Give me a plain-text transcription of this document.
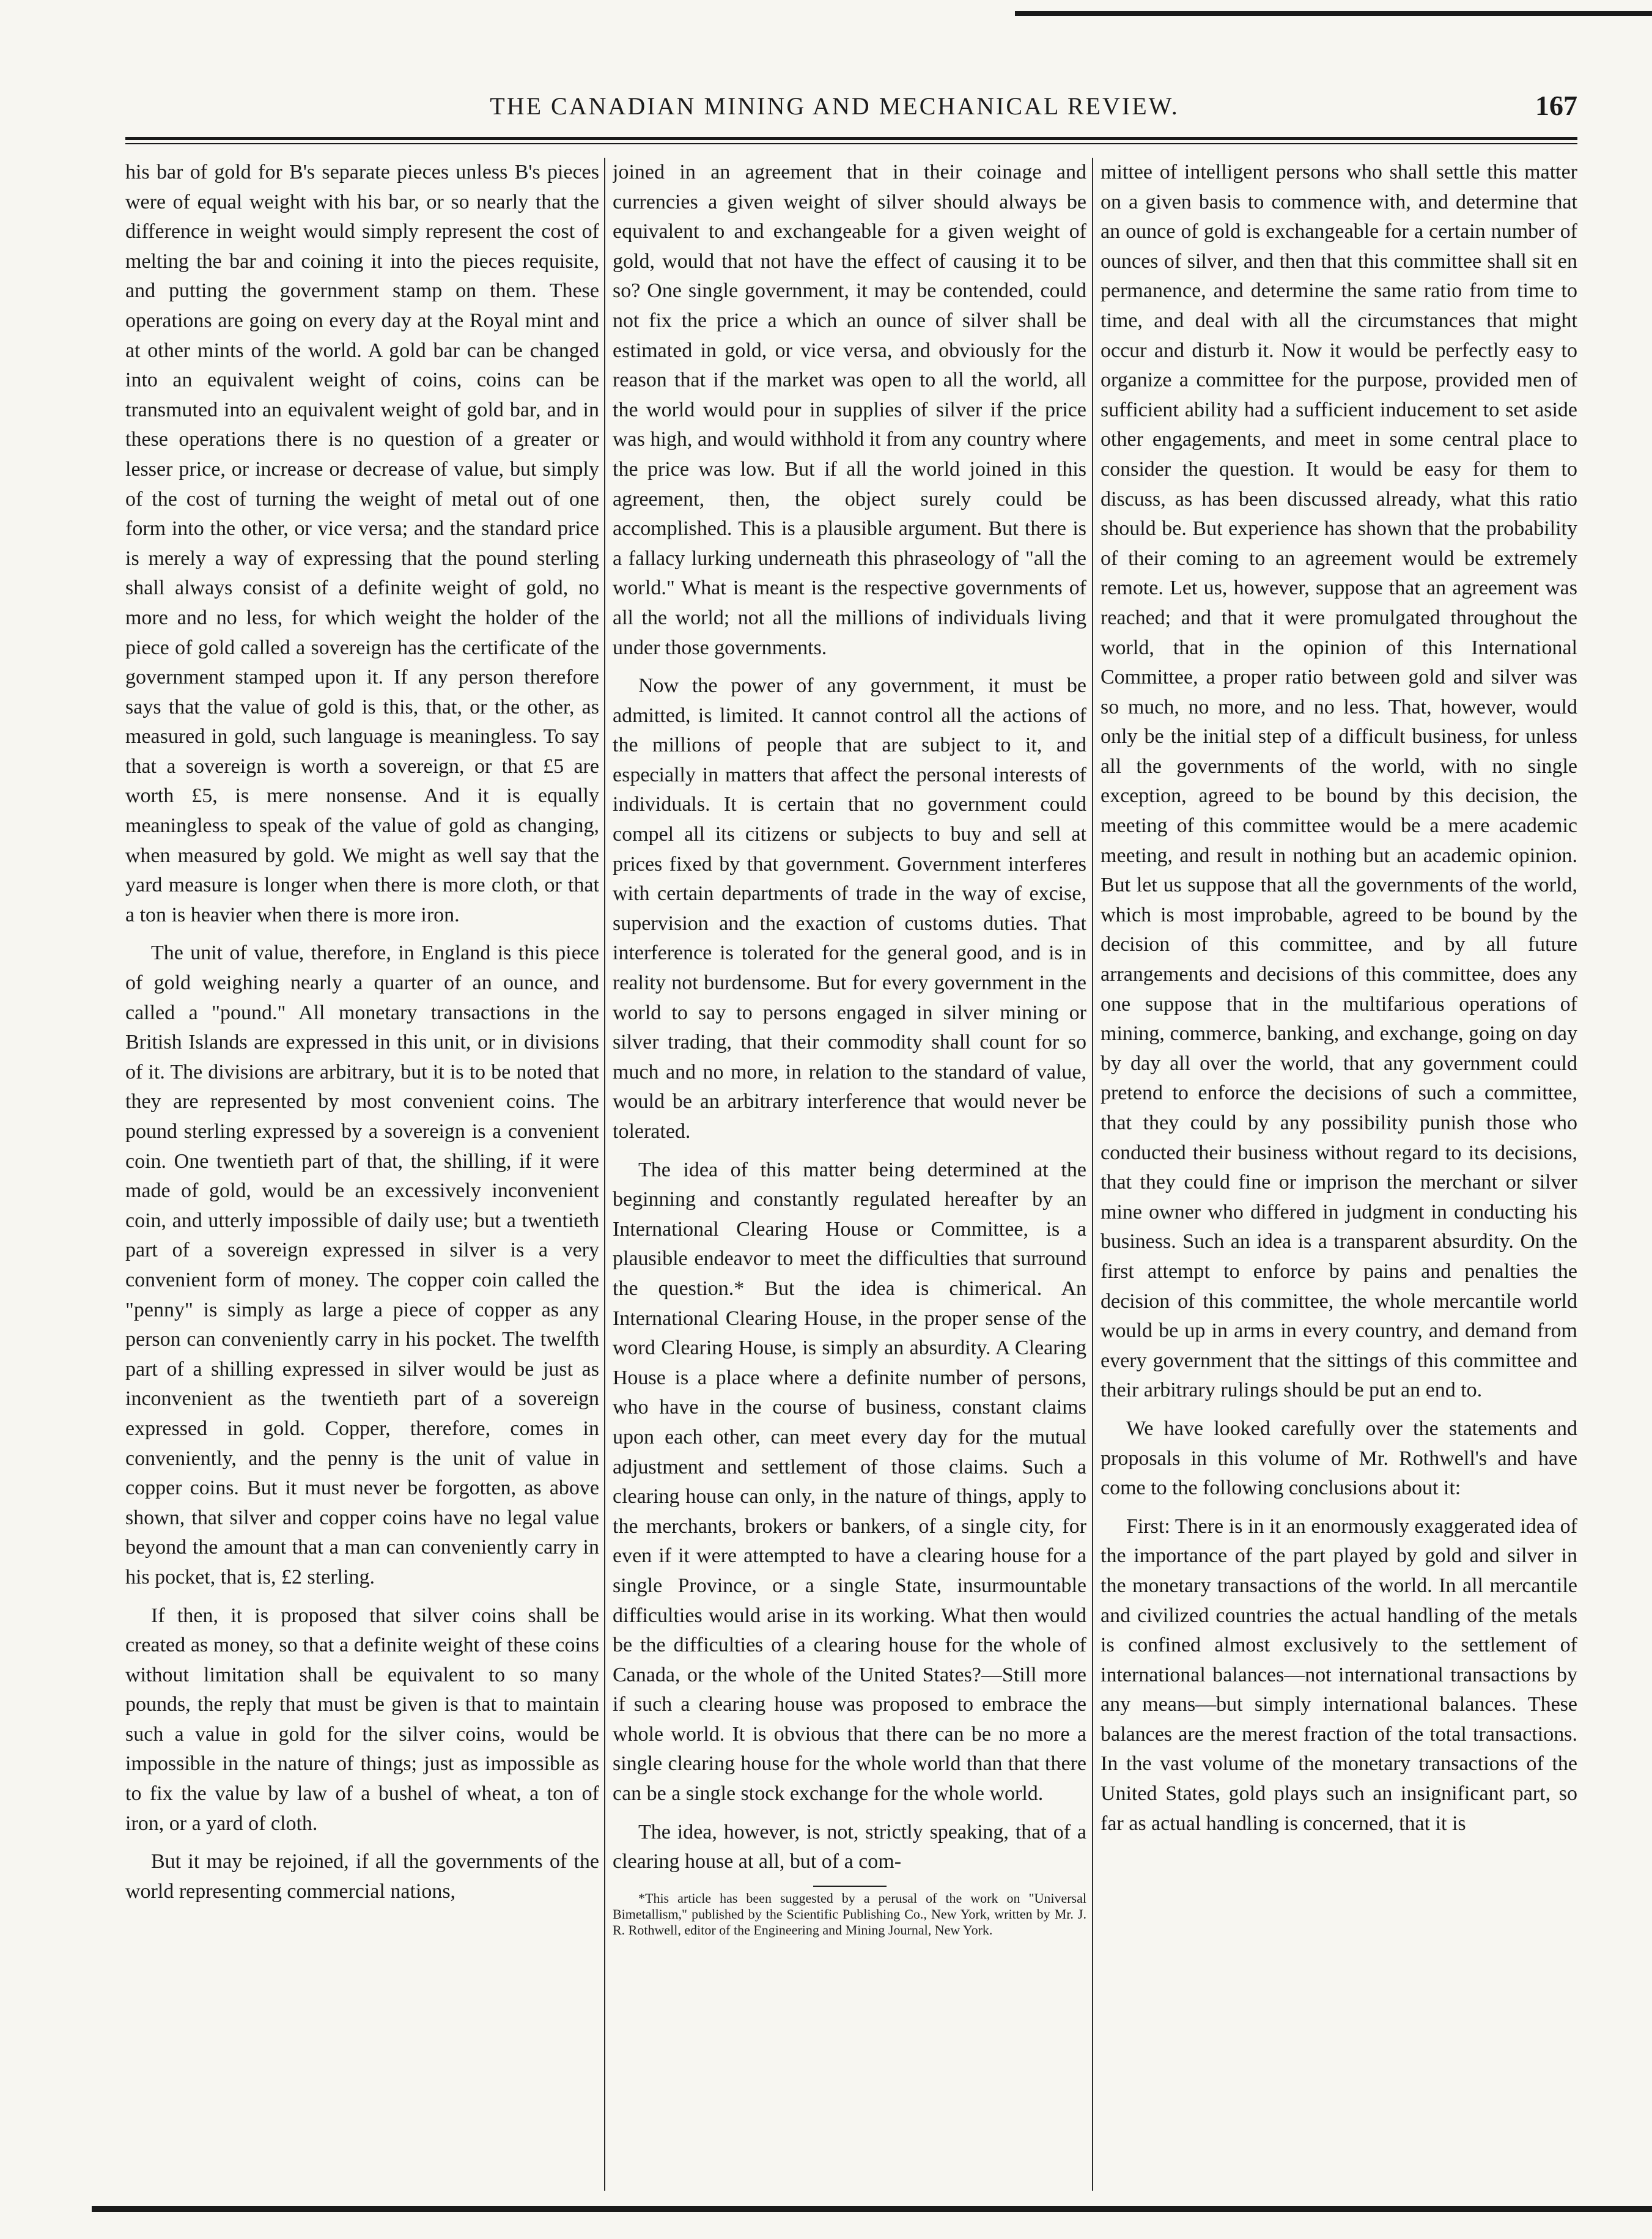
THE CANADIAN MINING AND MECHANICAL REVIEW.	167

his bar of gold for B's separate pieces unless B's pieces were of equal weight with his bar, or so nearly that the difference in weight would simply represent the cost of melting the bar and coining it into the pieces requisite, and putting the government stamp on them. These operations are going on every day at the Royal mint and at other mints of the world. A gold bar can be changed into an equivalent weight of coins, coins can be transmuted into an equivalent weight of gold bar, and in these operations there is no question of a greater or lesser price, or increase or decrease of value, but simply of the cost of turning the weight of metal out of one form into the other, or vice versa; and the standard price is merely a way of expressing that the pound sterling shall always consist of a definite weight of gold, no more and no less, for which weight the holder of the piece of gold called a sovereign has the certificate of the government stamped upon it. If any person therefore says that the value of gold is this, that, or the other, as measured in gold, such language is meaningless. To say that a sovereign is worth a sovereign, or that £5 are worth £5, is mere nonsense. And it is equally meaningless to speak of the value of gold as changing, when measured by gold. We might as well say that the yard measure is longer when there is more cloth, or that a ton is heavier when there is more iron.

The unit of value, therefore, in England is this piece of gold weighing nearly a quarter of an ounce, and called a "pound." All monetary transactions in the British Islands are expressed in this unit, or in divisions of it. The divisions are arbitrary, but it is to be noted that they are represented by most convenient coins. The pound sterling expressed by a sovereign is a convenient coin. One twentieth part of that, the shilling, if it were made of gold, would be an excessively inconvenient coin, and utterly impossible of daily use; but a twentieth part of a sovereign expressed in silver is a very convenient form of money. The copper coin called the "penny" is simply as large a piece of copper as any person can conveniently carry in his pocket. The twelfth part of a shilling expressed in silver would be just as inconvenient as the twentieth part of a sovereign expressed in gold. Copper, therefore, comes in conveniently, and the penny is the unit of value in copper coins. But it must never be forgotten, as above shown, that silver and copper coins have no legal value beyond the amount that a man can conveniently carry in his pocket, that is, £2 sterling.

If then, it is proposed that silver coins shall be created as money, so that a definite weight of these coins without limitation shall be equivalent to so many pounds, the reply that must be given is that to maintain such a value in gold for the silver coins, would be impossible in the nature of things; just as impossible as to fix the value by law of a bushel of wheat, a ton of iron, or a yard of cloth.

But it may be rejoined, if all the governments of the world representing commercial nations,

joined in an agreement that in their coinage and currencies a given weight of silver should always be equivalent to and exchangeable for a given weight of gold, would that not have the effect of causing it to be so? One single government, it may be contended, could not fix the price a which an ounce of silver shall be estimated in gold, or vice versa, and obviously for the reason that if the market was open to all the world, all the world would pour in supplies of silver if the price was high, and would withhold it from any country where the price was low. But if all the world joined in this agreement, then, the object surely could be accomplished. This is a plausible argument. But there is a fallacy lurking underneath this phraseology of "all the world." What is meant is the respective governments of all the world; not all the millions of individuals living under those governments.

Now the power of any government, it must be admitted, is limited. It cannot control all the actions of the millions of people that are subject to it, and especially in matters that affect the personal interests of individuals. It is certain that no government could compel all its citizens or subjects to buy and sell at prices fixed by that government. Government interferes with certain departments of trade in the way of excise, supervision and the exaction of customs duties. That interference is tolerated for the general good, and is in reality not burdensome. But for every government in the world to say to persons engaged in silver mining or silver trading, that their commodity shall count for so much and no more, in relation to the standard of value, would be an arbitrary interference that would never be tolerated.

The idea of this matter being determined at the beginning and constantly regulated hereafter by an International Clearing House or Committee, is a plausible endeavor to meet the difficulties that surround the question.* But the idea is chimerical. An International Clearing House, in the proper sense of the word Clearing House, is simply an absurdity. A Clearing House is a place where a definite number of persons, who have in the course of business, constant claims upon each other, can meet every day for the mutual adjustment and settlement of those claims. Such a clearing house can only, in the nature of things, apply to the merchants, brokers or bankers, of a single city, for even if it were attempted to have a clearing house for a single Province, or a single State, insurmountable difficulties would arise in its working. What then would be the difficulties of a clearing house for the whole of Canada, or the whole of the United States?—Still more if such a clearing house was proposed to embrace the whole world. It is obvious that there can be no more a single clearing house for the whole world than that there can be a single stock exchange for the whole world.

The idea, however, is not, strictly speaking, that of a clearing house at all, but of a com-

*This article has been suggested by a perusal of the work on "Universal Bimetallism," published by the Scientific Publishing Co., New York, written by Mr. J. R. Rothwell, editor of the Engineering and Mining Journal, New York.

mittee of intelligent persons who shall settle this matter on a given basis to commence with, and determine that an ounce of gold is exchangeable for a certain number of ounces of silver, and then that this committee shall sit en permanence, and determine the same ratio from time to time, and deal with all the circumstances that might occur and disturb it. Now it would be perfectly easy to organize a committee for the purpose, provided men of sufficient ability had a sufficient inducement to set aside other engagements, and meet in some central place to consider the question. It would be easy for them to discuss, as has been discussed already, what this ratio should be. But experience has shown that the probability of their coming to an agreement would be extremely remote. Let us, however, suppose that an agreement was reached; and that it were promulgated throughout the world, that in the opinion of this International Committee, a proper ratio between gold and silver was so much, no more, and no less. That, however, would only be the initial step of a difficult business, for unless all the governments of the world, with no single exception, agreed to be bound by this decision, the meeting of this committee would be a mere academic meeting, and result in nothing but an academic opinion. But let us suppose that all the governments of the world, which is most improbable, agreed to be bound by the decision of this committee, and by all future arrangements and decisions of this committee, does any one suppose that in the multifarious operations of mining, commerce, banking, and exchange, going on day by day all over the world, that any government could pretend to enforce the decisions of such a committee, that they could by any possibility punish those who conducted their business without regard to its decisions, that they could fine or imprison the merchant or silver mine owner who differed in judgment in conducting his business. Such an idea is a transparent absurdity. On the first attempt to enforce by pains and penalties the decision of this committee, the whole mercantile world would be up in arms in every country, and demand from every government that the sittings of this committee and their arbitrary rulings should be put an end to.

We have looked carefully over the statements and proposals in this volume of Mr. Rothwell's and have come to the following conclusions about it:

First: There is in it an enormously exaggerated idea of the importance of the part played by gold and silver in the monetary transactions of the world. In all mercantile and civilized countries the actual handling of the metals is confined almost exclusively to the settlement of international balances—not international transactions by any means—but simply international balances. These balances are the merest fraction of the total transactions. In the vast volume of the monetary transactions of the United States, gold plays such an insignificant part, so far as actual handling is concerned, that it is
